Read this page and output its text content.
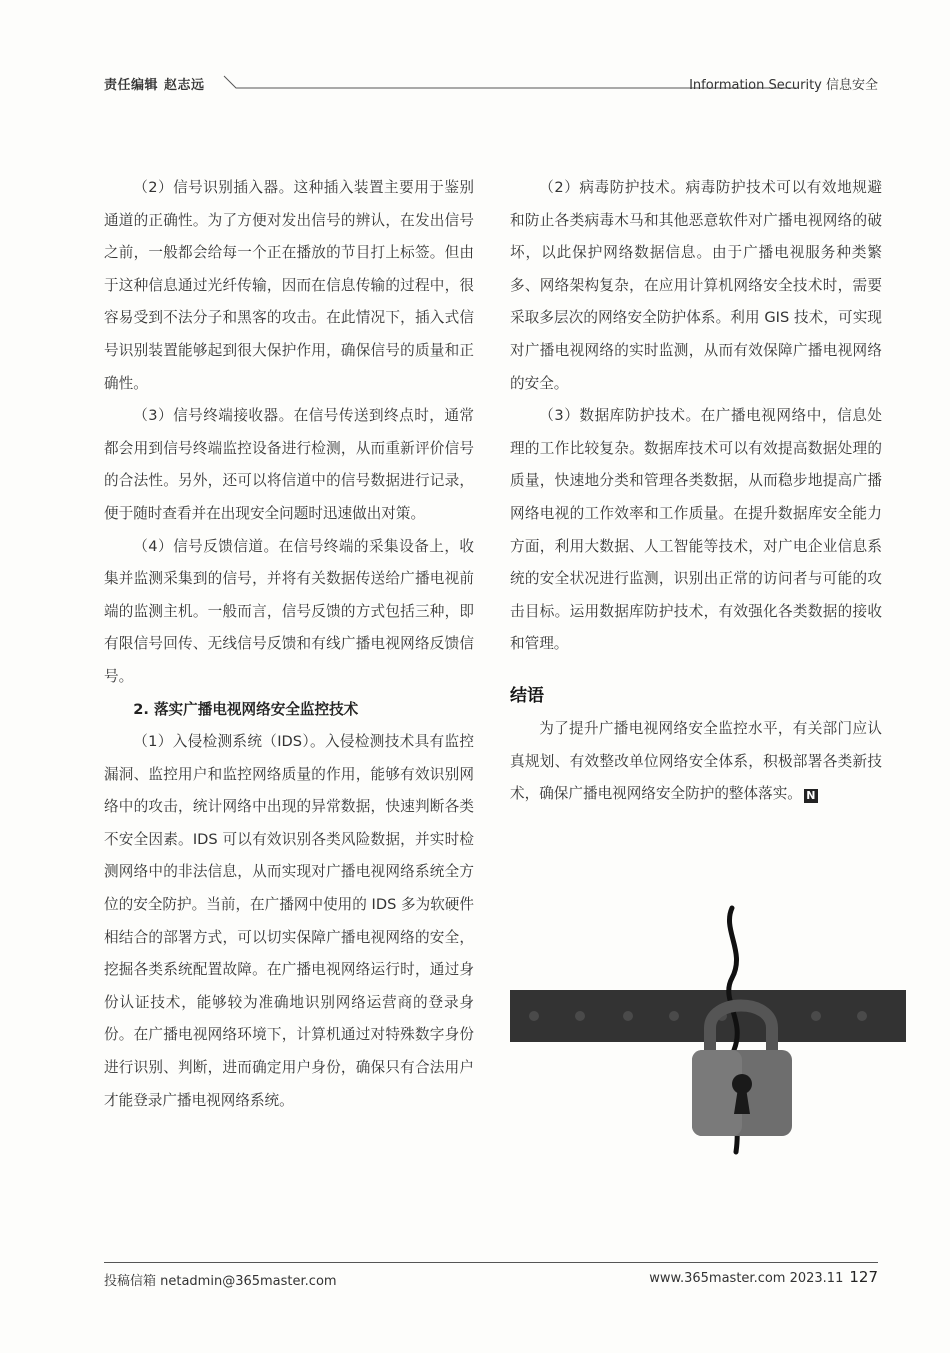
责任编辑 赵志远	Information Security 信息安全

（2）信号识别插入器。这种插入装置主要用于鉴别通道的正确性。为了方便对发出信号的辨认，在发出信号之前，一般都会给每一个正在播放的节目打上标签。但由于这种信息通过光纤传输，因而在信息传输的过程中，很容易受到不法分子和黑客的攻击。在此情况下，插入式信号识别装置能够起到很大保护作用，确保信号的质量和正确性。

（3）信号终端接收器。在信号传送到终点时，通常都会用到信号终端监控设备进行检测，从而重新评价信号的合法性。另外，还可以将信道中的信号数据进行记录，便于随时查看并在出现安全问题时迅速做出对策。

（4）信号反馈信道。在信号终端的采集设备上，收集并监测采集到的信号，并将有关数据传送给广播电视前端的监测主机。一般而言，信号反馈的方式包括三种，即有限信号回传、无线信号反馈和有线广播电视网络反馈信号。

2. 落实广播电视网络安全监控技术

（1）入侵检测系统（IDS）。入侵检测技术具有监控漏洞、监控用户和监控网络质量的作用，能够有效识别网络中的攻击，统计网络中出现的异常数据，快速判断各类不安全因素。IDS 可以有效识别各类风险数据，并实时检测网络中的非法信息，从而实现对广播电视网络系统全方位的安全防护。当前，在广播网中使用的 IDS 多为软硬件相结合的部署方式，可以切实保障广播电视网络的安全，挖掘各类系统配置故障。在广播电视网络运行时，通过身份认证技术，能够较为准确地识别网络运营商的登录身份。在广播电视网络环境下，计算机通过对特殊数字身份进行识别、判断，进而确定用户身份，确保只有合法用户才能登录广播电视网络系统。

（2）病毒防护技术。病毒防护技术可以有效地规避和防止各类病毒木马和其他恶意软件对广播电视网络的破坏，以此保护网络数据信息。由于广播电视服务种类繁多、网络架构复杂，在应用计算机网络安全技术时，需要采取多层次的网络安全防护体系。利用 GIS 技术，可实现对广播电视网络的实时监测，从而有效保障广播电视网络的安全。

（3）数据库防护技术。在广播电视网络中，信息处理的工作比较复杂。数据库技术可以有效提高数据处理的质量，快速地分类和管理各类数据，从而稳步地提高广播网络电视的工作效率和工作质量。在提升数据库安全能力方面，利用大数据、人工智能等技术，对广电企业信息系统的安全状况进行监测，识别出正常的访问者与可能的攻击目标。运用数据库防护技术，有效强化各类数据的接收和管理。

结语

为了提升广播电视网络安全监控水平，有关部门应认真规划、有效整改单位网络安全体系，积极部署各类新技术，确保广播电视网络安全防护的整体落实。 N

投稿信箱 netadmin@365master.com	www.365master.com 2023.11 127
